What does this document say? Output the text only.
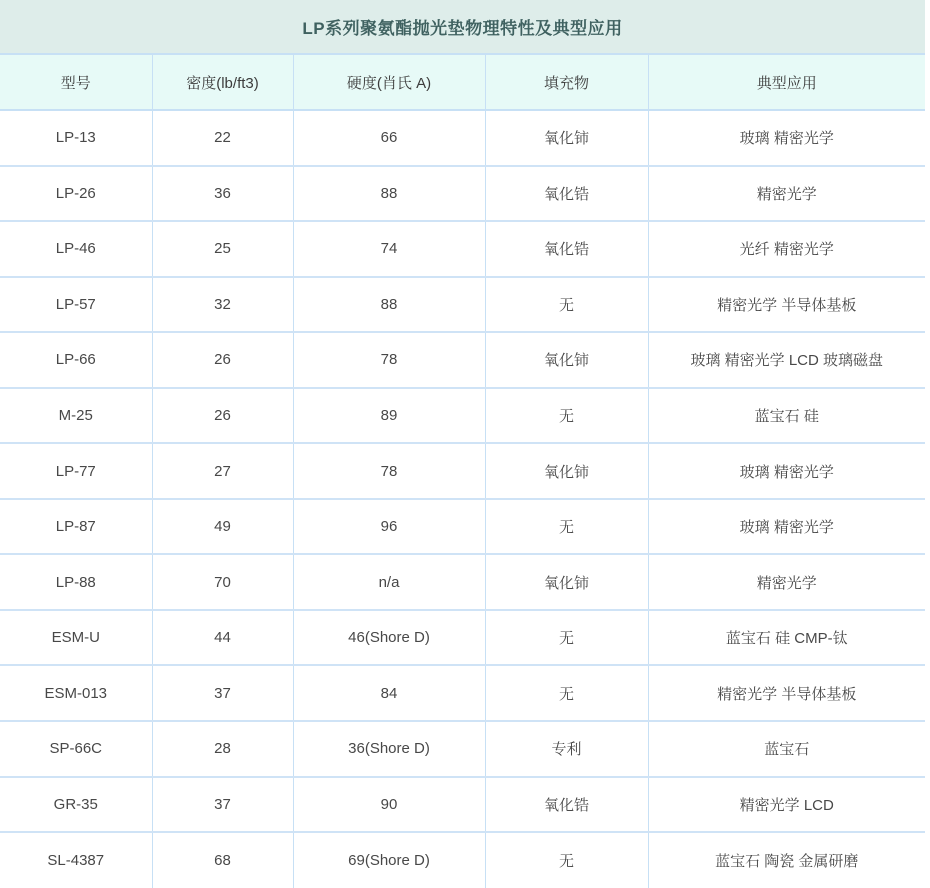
LP系列聚氨酯抛光垫物理特性及典型应用
型号	密度(lb/ft3)	硬度(肖氏 A)	填充物	典型应用
LP-13	22	66	氧化铈	玻璃 精密光学
LP-26	36	88	氧化锆	精密光学
LP-46	25	74	氧化锆	光纤 精密光学
LP-57	32	88	无	精密光学 半导体基板
LP-66	26	78	氧化铈	玻璃 精密光学 LCD 玻璃磁盘
M-25	26	89	无	蓝宝石 硅
LP-77	27	78	氧化铈	玻璃 精密光学
LP-87	49	96	无	玻璃 精密光学
LP-88	70	n/a	氧化铈	精密光学
ESM-U	44	46(Shore D)	无	蓝宝石 硅 CMP-钛
ESM-013	37	84	无	精密光学 半导体基板
SP-66C	28	36(Shore D)	专利	蓝宝石
GR-35	37	90	氧化锆	精密光学 LCD
SL-4387	68	69(Shore D)	无	蓝宝石 陶瓷 金属研磨
